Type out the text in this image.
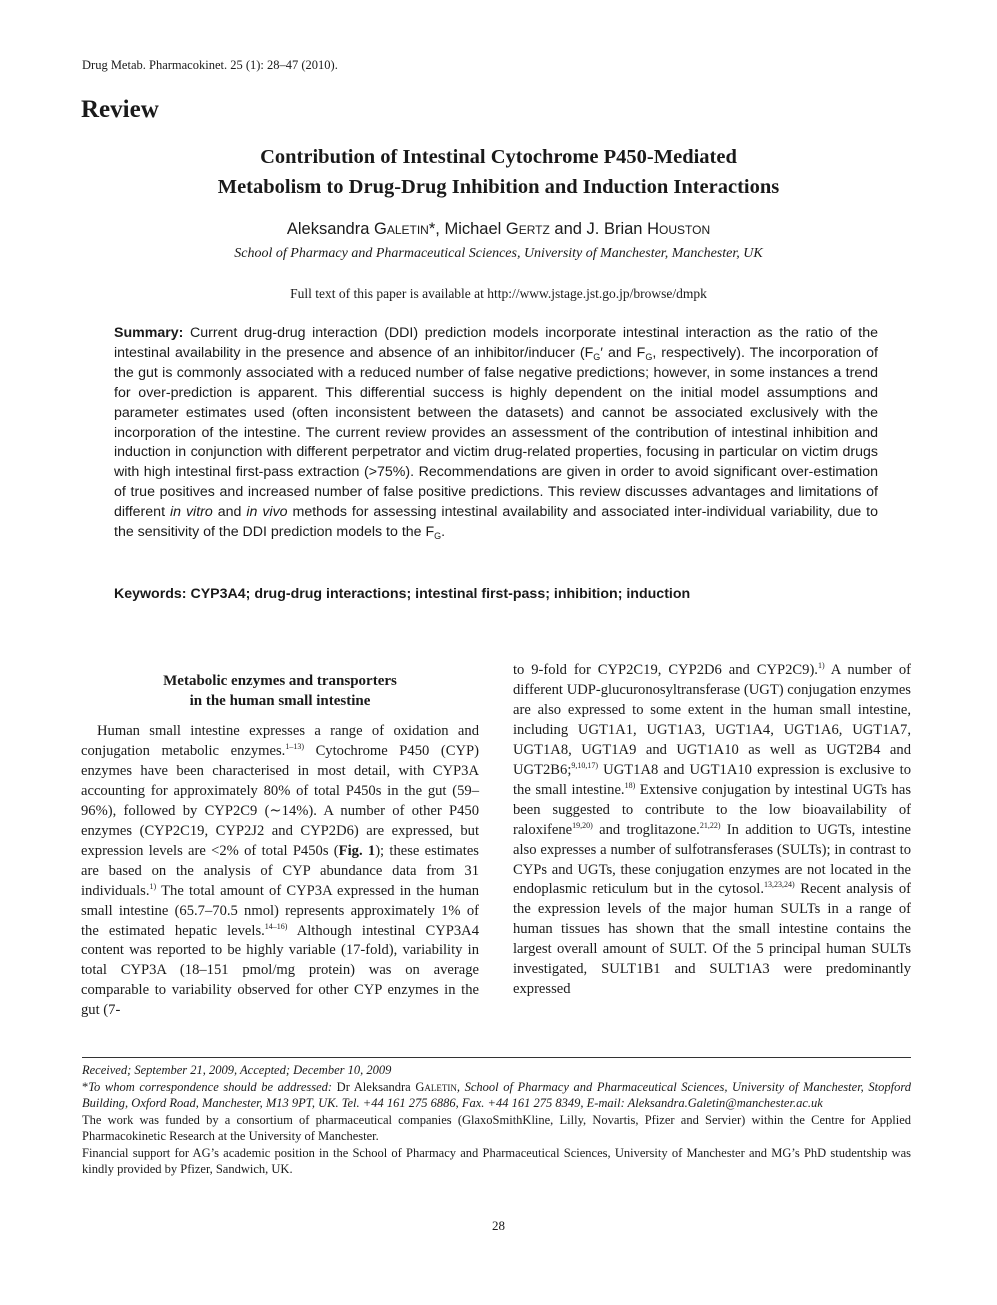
Drug Metab. Pharmacokinet. 25 (1): 28–47 (2010).
Review
Contribution of Intestinal Cytochrome P450-Mediated
Metabolism to Drug-Drug Inhibition and Induction Interactions
Aleksandra Galetin*, Michael Gertz and J. Brian Houston
School of Pharmacy and Pharmaceutical Sciences, University of Manchester, Manchester, UK
Full text of this paper is available at http://www.jstage.jst.go.jp/browse/dmpk
Summary: Current drug-drug interaction (DDI) prediction models incorporate intestinal interaction as the ratio of the intestinal availability in the presence and absence of an inhibitor/inducer ($F_G'$ and $F_G$, respectively). The incorporation of the gut is commonly associated with a reduced number of false negative predictions; however, in some instances a trend for over-prediction is apparent. This differential success is highly dependent on the initial model assumptions and parameter estimates used (often inconsistent between the datasets) and cannot be associated exclusively with the incorporation of the intestine. The current review provides an assessment of the contribution of intestinal inhibition and induction in conjunction with different perpetrator and victim drug-related properties, focusing in particular on victim drugs with high intestinal first-pass extraction (>75%). Recommendations are given in order to avoid significant over-estimation of true positives and increased number of false positive predictions. This review discusses advantages and limitations of different in vitro and in vivo methods for assessing intestinal availability and associated inter-individual variability, due to the sensitivity of the DDI prediction models to the $F_G$.
Keywords: CYP3A4; drug-drug interactions; intestinal first-pass; inhibition; induction
Metabolic enzymes and transporters
in the human small intestine
Human small intestine expresses a range of oxidation and conjugation metabolic enzymes.$^{1-13)}$ Cytochrome P450 (CYP) enzymes have been characterised in most detail, with CYP3A accounting for approximately 80% of total P450s in the gut (59–96%), followed by CYP2C9 (∼14%). A number of other P450 enzymes (CYP2C19, CYP2J2 and CYP2D6) are expressed, but expression levels are <2% of total P450s (Fig. 1); these estimates are based on the analysis of CYP abundance data from 31 individuals.$^{1)}$ The total amount of CYP3A expressed in the human small intestine (65.7–70.5 nmol) represents approximately 1% of the estimated hepatic levels.$^{14-16)}$ Although intestinal CYP3A4 content was reported to be highly variable (17-fold), variability in total CYP3A (18–151 pmol/mg protein) was on average comparable to variability observed for other CYP enzymes in the gut (7-
to 9-fold for CYP2C19, CYP2D6 and CYP2C9).$^{1)}$ A number of different UDP-glucuronosyltransferase (UGT) conjugation enzymes are also expressed to some extent in the human small intestine, including UGT1A1, UGT1A3, UGT1A4, UGT1A6, UGT1A7, UGT1A8, UGT1A9 and UGT1A10 as well as UGT2B4 and UGT2B6;$^{9,10,17)}$ UGT1A8 and UGT1A10 expression is exclusive to the small intestine.$^{18)}$ Extensive conjugation by intestinal UGTs has been suggested to contribute to the low bioavailability of raloxifene$^{19,20)}$ and troglitazone.$^{21,22)}$ In addition to UGTs, intestine also expresses a number of sulfotransferases (SULTs); in contrast to CYPs and UGTs, these conjugation enzymes are not located in the endoplasmic reticulum but in the cytosol.$^{13,23,24)}$ Recent analysis of the expression levels of the major human SULTs in a range of human tissues has shown that the small intestine contains the largest overall amount of SULT. Of the 5 principal human SULTs investigated, SULT1B1 and SULT1A3 were predominantly expressed

Received; September 21, 2009, Accepted; December 10, 2009

*To whom correspondence should be addressed: Dr Aleksandra Galetin, School of Pharmacy and Pharmaceutical Sciences, University of Manchester, Stopford Building, Oxford Road, Manchester, M13 9PT, UK. Tel. +44 161 275 6886, Fax. +44 161 275 8349, E-mail: Aleksandra.Galetin@manchester.ac.uk

The work was funded by a consortium of pharmaceutical companies (GlaxoSmithKline, Lilly, Novartis, Pfizer and Servier) within the Centre for Applied Pharmacokinetic Research at the University of Manchester.

Financial support for AG’s academic position in the School of Pharmacy and Pharmaceutical Sciences, University of Manchester and MG’s PhD studentship was kindly provided by Pfizer, Sandwich, UK.

28
